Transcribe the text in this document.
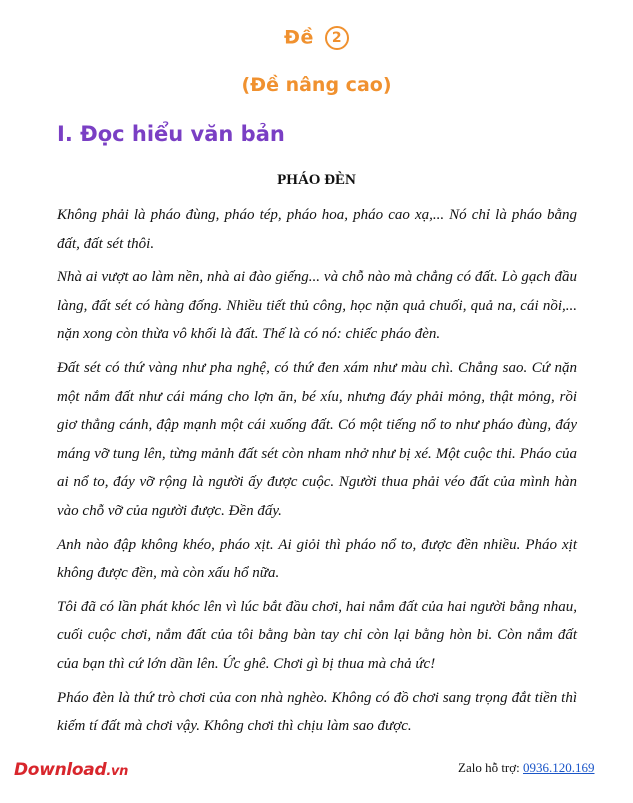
Đề 2
(Đề nâng cao)
I. Đọc hiểu văn bản
PHÁO ĐÈN

Không phải là pháo đùng, pháo tép, pháo hoa, pháo cao xạ,... Nó chỉ là pháo bằng đất, đất sét thôi.

Nhà ai vượt ao làm nền, nhà ai đào giếng... và chỗ nào mà chẳng có đất. Lò gạch đầu làng, đất sét có hàng đống. Nhiều tiết thủ công, học nặn quả chuối, quả na, cái nồi,... nặn xong còn thừa vô khối là đất. Thế là có nó: chiếc pháo đèn.

Đất sét có thứ vàng như pha nghệ, có thứ đen xám như màu chì. Chẳng sao. Cứ nặn một nắm đất như cái máng cho lợn ăn, bé xíu, nhưng đáy phải mỏng, thật mỏng, rồi giơ thẳng cánh, đập mạnh một cái xuống đất. Có một tiếng nổ to như pháo đùng, đáy máng vỡ tung lên, từng mảnh đất sét còn nham nhở như bị xé. Một cuộc thi. Pháo của ai nổ to, đáy vỡ rộng là người ấy được cuộc. Người thua phải véo đất của mình hàn vào chỗ vỡ của người được. Đền đấy.

Anh nào đập không khéo, pháo xịt. Ai giỏi thì pháo nổ to, được đền nhiều. Pháo xịt không được đền, mà còn xấu hổ nữa.

Tôi đã có lần phát khóc lên vì lúc bắt đầu chơi, hai nắm đất của hai người bằng nhau, cuối cuộc chơi, nắm đất của tôi bằng bàn tay chỉ còn lại bằng hòn bi. Còn nắm đất của bạn thì cứ lớn dần lên. Ức ghê. Chơi gì bị thua mà chả ức!

Pháo đèn là thứ trò chơi của con nhà nghèo. Không có đồ chơi sang trọng đắt tiền thì kiếm tí đất mà chơi vậy. Không chơi thì chịu làm sao được.

Download.vn	Zalo hỗ trợ: 0936.120.169
